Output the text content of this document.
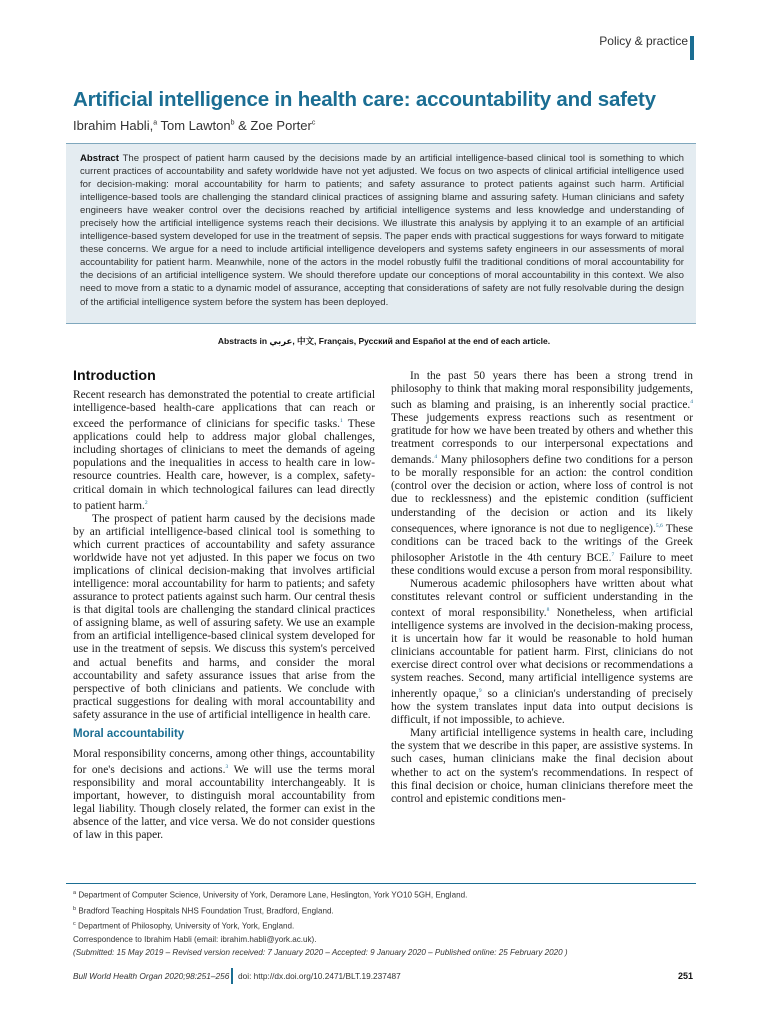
Policy & practice
Artificial intelligence in health care: accountability and safety
Ibrahim Habli,$^a$ Tom Lawton$^b$ & Zoe Porter$^c$

Abstract The prospect of patient harm caused by the decisions made by an artificial intelligence-based clinical tool is something to which current practices of accountability and safety worldwide have not yet adjusted. We focus on two aspects of clinical artificial intelligence used for decision-making: moral accountability for harm to patients; and safety assurance to protect patients against such harm. Artificial intelligence-based tools are challenging the standard clinical practices of assigning blame and assuring safety. Human clinicians and safety engineers have weaker control over the decisions reached by artificial intelligence systems and less knowledge and understanding of precisely how the artificial intelligence systems reach their decisions. We illustrate this analysis by applying it to an example of an artificial intelligence-based system developed for use in the treatment of sepsis. The paper ends with practical suggestions for ways forward to mitigate these concerns. We argue for a need to include artificial intelligence developers and systems safety engineers in our assessments of moral accountability for patient harm. Meanwhile, none of the actors in the model robustly fulfil the traditional conditions of moral accountability for the decisions of an artificial intelligence system. We should therefore update our conceptions of moral accountability in this context. We also need to move from a static to a dynamic model of assurance, accepting that considerations of safety are not fully resolvable during the design of the artificial intelligence system before the system has been deployed.

Abstracts in عربي, 中文, Français, Русский and Español at the end of each article.
Introduction

Recent research has demonstrated the potential to create artificial intelligence-based health-care applications that can reach or exceed the performance of clinicians for specific tasks.$^1$ These applications could help to address major global challenges, including shortages of clinicians to meet the demands of ageing populations and the inequalities in access to health care in low-resource countries. Health care, however, is a complex, safety-critical domain in which technological failures can lead directly to patient harm.$^2$

The prospect of patient harm caused by the decisions made by an artificial intelligence-based clinical tool is something to which current practices of accountability and safety assurance worldwide have not yet adjusted. In this paper we focus on two implications of clinical decision-making that involves artificial intelligence: moral accountability for harm to patients; and safety assurance to protect patients against such harm. Our central thesis is that digital tools are challenging the standard clinical practices of assigning blame, as well of assuring safety. We use an example from an artificial intelligence-based clinical system developed for use in the treatment of sepsis. We discuss this system's perceived and actual benefits and harms, and consider the moral accountability and safety assurance issues that arise from the perspective of both clinicians and patients. We conclude with practical suggestions for dealing with moral accountability and safety assurance in the use of artificial intelligence in health care.

Moral accountability

Moral responsibility concerns, among other things, accountability for one's decisions and actions.$^3$ We will use the terms moral responsibility and moral accountability interchangeably. It is important, however, to distinguish moral accountability from legal liability. Though closely related, the former can exist in the absence of the latter, and vice versa. We do not consider questions of law in this paper.

In the past 50 years there has been a strong trend in philosophy to think that making moral responsibility judgements, such as blaming and praising, is an inherently social practice.$^4$ These judgements express reactions such as resentment or gratitude for how we have been treated by others and whether this treatment corresponds to our interpersonal expectations and demands.$^4$ Many philosophers define two conditions for a person to be morally responsible for an action: the control condition (control over the decision or action, where loss of control is not due to recklessness) and the epistemic condition (sufficient understanding of the decision or action and its likely consequences, where ignorance is not due to negligence).$^{5,6}$ These conditions can be traced back to the writings of the Greek philosopher Aristotle in the 4th century BCE.$^7$ Failure to meet these conditions would excuse a person from moral responsibility.

Numerous academic philosophers have written about what constitutes relevant control or sufficient understanding in the context of moral responsibility.$^8$ Nonetheless, when artificial intelligence systems are involved in the decision-making process, it is uncertain how far it would be reasonable to hold human clinicians accountable for patient harm. First, clinicians do not exercise direct control over what decisions or recommendations a system reaches. Second, many artificial intelligence systems are inherently opaque,$^9$ so a clinician's understanding of precisely how the system translates input data into output decisions is difficult, if not impossible, to achieve.

Many artificial intelligence systems in health care, including the system that we describe in this paper, are assistive systems. In such cases, human clinicians make the final decision about whether to act on the system's recommendations. In respect of this final decision or choice, human clinicians therefore meet the control and epistemic conditions men-

$^a$ Department of Computer Science, University of York, Deramore Lane, Heslington, York YO10 5GH, England.
$^b$ Bradford Teaching Hospitals NHS Foundation Trust, Bradford, England.
$^c$ Department of Philosophy, University of York, York, England.
Correspondence to Ibrahim Habli (email: ibrahim.habli@york.ac.uk).
(Submitted: 15 May 2019 – Revised version received: 7 January 2020 – Accepted: 9 January 2020 – Published online: 25 February 2020 )
Bull World Health Organ 2020;98:251–256 doi: http://dx.doi.org/10.2471/BLT.19.237487	251
